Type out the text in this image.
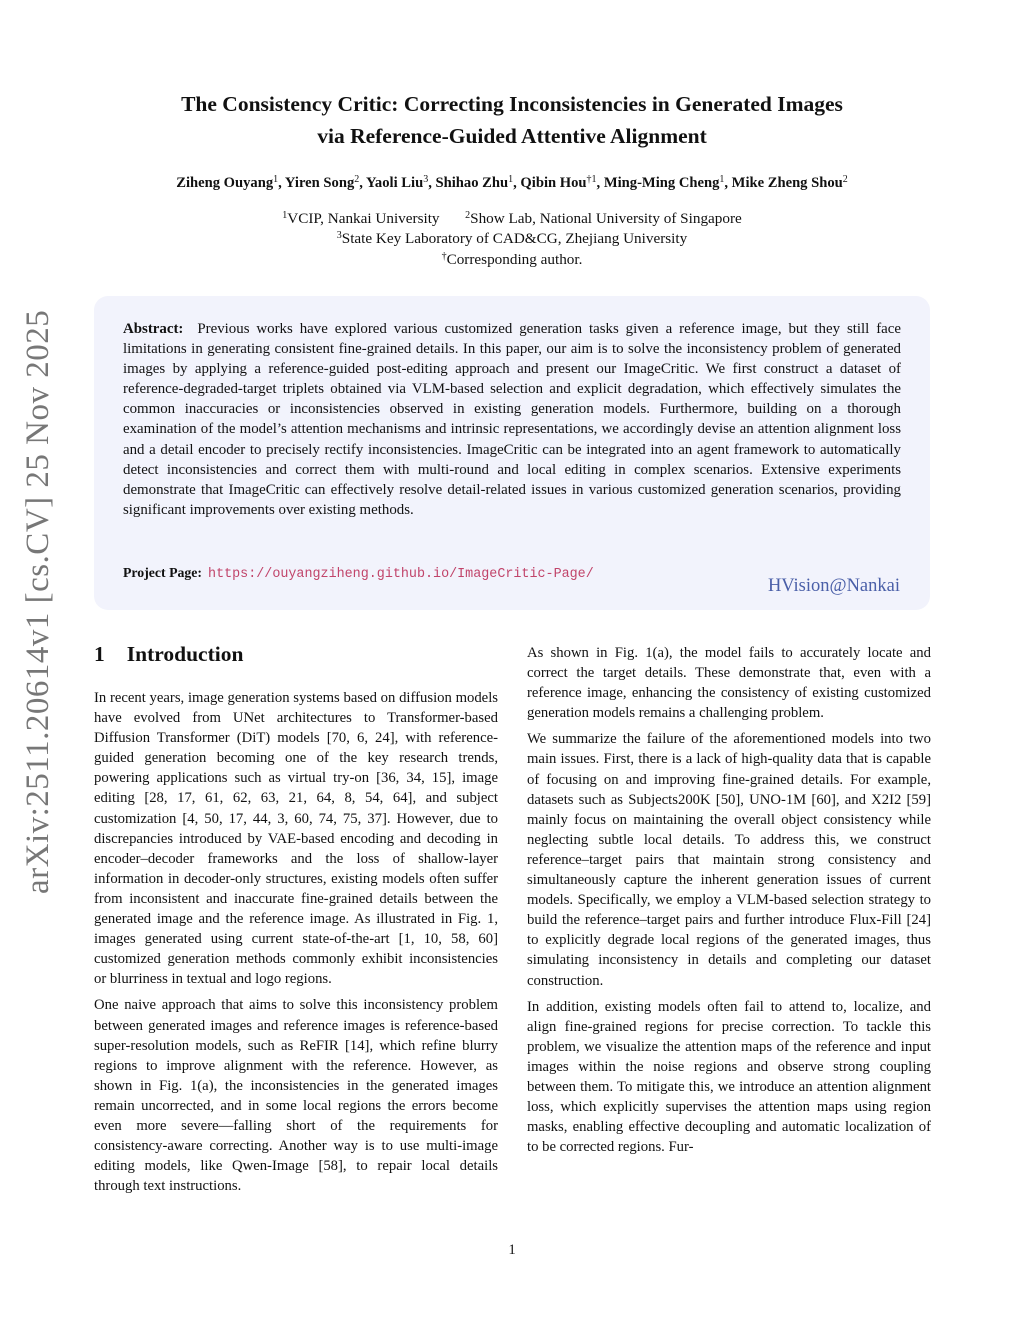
arXiv:2511.20614v1 [cs.CV] 25 Nov 2025
The Consistency Critic: Correcting Inconsistencies in Generated Images
via Reference-Guided Attentive Alignment
Ziheng Ouyang$^1$, Yiren Song$^2$, Yaoli Liu$^3$, Shihao Zhu$^1$, Qibin Hou$^{\dagger 1}$, Ming-Ming Cheng$^1$, Mike Zheng Shou$^2$
$^1$VCIP, Nankai University	$^2$Show Lab, National University of Singapore
$^3$State Key Laboratory of CAD&CG, Zhejiang University
†Corresponding author.
Abstract: Previous works have explored various customized generation tasks given a reference image, but they still face limitations in generating consistent fine-grained details. In this paper, our aim is to solve the inconsistency problem of generated images by applying a reference-guided post-editing approach and present our ImageCritic. We first construct a dataset of reference-degraded-target triplets obtained via VLM-based selection and explicit degradation, which effectively simulates the common inaccuracies or inconsistencies observed in existing generation models. Furthermore, building on a thorough examination of the model’s attention mechanisms and intrinsic representations, we accordingly devise an attention alignment loss and a detail encoder to precisely rectify inconsistencies. ImageCritic can be integrated into an agent framework to automatically detect inconsistencies and correct them with multi-round and local editing in complex scenarios. Extensive experiments demonstrate that ImageCritic can effectively resolve detail-related issues in various customized generation scenarios, providing significant improvements over existing methods.
Project Page: https://ouyangziheng.github.io/ImageCritic-Page/
HVision@Nankai
1 Introduction

In recent years, image generation systems based on diffusion models have evolved from UNet architectures to Transformer-based Diffusion Transformer (DiT) models [70, 6, 24], with reference-guided generation becoming one of the key research trends, powering applications such as virtual try-on [36, 34, 15], image editing [28, 17, 61, 62, 63, 21, 64, 8, 54, 64], and subject customization [4, 50, 17, 44, 3, 60, 74, 75, 37]. However, due to discrepancies introduced by VAE-based encoding and decoding in encoder–decoder frameworks and the loss of shallow-layer information in decoder-only structures, existing models often suffer from inconsistent and inaccurate fine-grained details between the generated image and the reference image. As illustrated in Fig. 1, images generated using current state-of-the-art [1, 10, 58, 60] customized generation methods commonly exhibit inconsistencies or blurriness in textual and logo regions.

One naive approach that aims to solve this inconsistency problem between generated images and reference images is reference-based super-resolution models, such as ReFIR [14], which refine blurry regions to improve alignment with the reference. However, as shown in Fig. 1(a), the inconsistencies in the generated images remain uncorrected, and in some local regions the errors become even more severe—falling short of the requirements for consistency-aware correcting. Another way is to use multi-image editing models, like Qwen-Image [58], to repair local details through text instructions.

As shown in Fig. 1(a), the model fails to accurately locate and correct the target details. These demonstrate that, even with a reference image, enhancing the consistency of existing customized generation models remains a challenging problem.

We summarize the failure of the aforementioned models into two main issues. First, there is a lack of high-quality data that is capable of focusing on and improving fine-grained details. For example, datasets such as Subjects200K [50], UNO-1M [60], and X2I2 [59] mainly focus on maintaining the overall object consistency while neglecting subtle local details. To address this, we construct reference–target pairs that maintain strong consistency and simultaneously capture the inherent generation issues of current models. Specifically, we employ a VLM-based selection strategy to build the reference–target pairs and further introduce Flux-Fill [24] to explicitly degrade local regions of the generated images, thus simulating inconsistency in details and completing our dataset construction.

In addition, existing models often fail to attend to, localize, and align fine-grained regions for precise correction. To tackle this problem, we visualize the attention maps of the reference and input images within the noise regions and observe strong coupling between them. To mitigate this, we introduce an attention alignment loss, which explicitly supervises the attention maps using region masks, enabling effective decoupling and automatic localization of to be corrected regions. Fur-

1
